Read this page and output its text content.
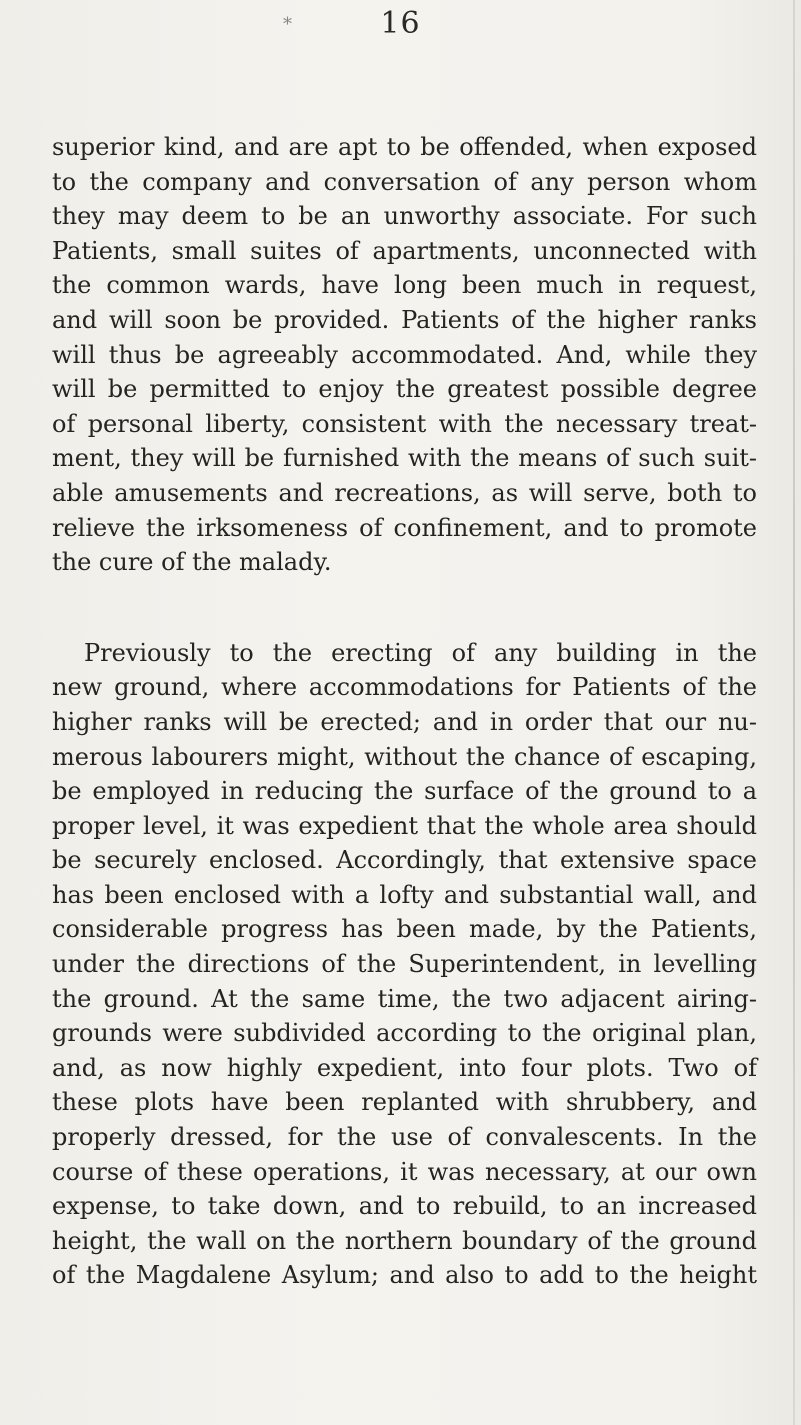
*	16
superior kind, and are apt to be offended, when exposed
to the company and conversation of any person whom
they may deem to be an unworthy associate. For such
Patients, small suites of apartments, unconnected with
the common wards, have long been much in request,
and will soon be provided. Patients of the higher ranks
will thus be agreeably accommodated. And, while they
will be permitted to enjoy the greatest possible degree
of personal liberty, consistent with the necessary treat-
ment, they will be furnished with the means of such suit-
able amusements and recreations, as will serve, both to
relieve the irksomeness of confinement, and to promote
the cure of the malady.
Previously to the erecting of any building in the
new ground, where accommodations for Patients of the
higher ranks will be erected; and in order that our nu-
merous labourers might, without the chance of escaping,
be employed in reducing the surface of the ground to a
proper level, it was expedient that the whole area should
be securely enclosed. Accordingly, that extensive space
has been enclosed with a lofty and substantial wall, and
considerable progress has been made, by the Patients,
under the directions of the Superintendent, in levelling
the ground. At the same time, the two adjacent airing-
grounds were subdivided according to the original plan,
and, as now highly expedient, into four plots. Two of
these plots have been replanted with shrubbery, and
properly dressed, for the use of convalescents. In the
course of these operations, it was necessary, at our own
expense, to take down, and to rebuild, to an increased
height, the wall on the northern boundary of the ground
of the Magdalene Asylum; and also to add to the height
